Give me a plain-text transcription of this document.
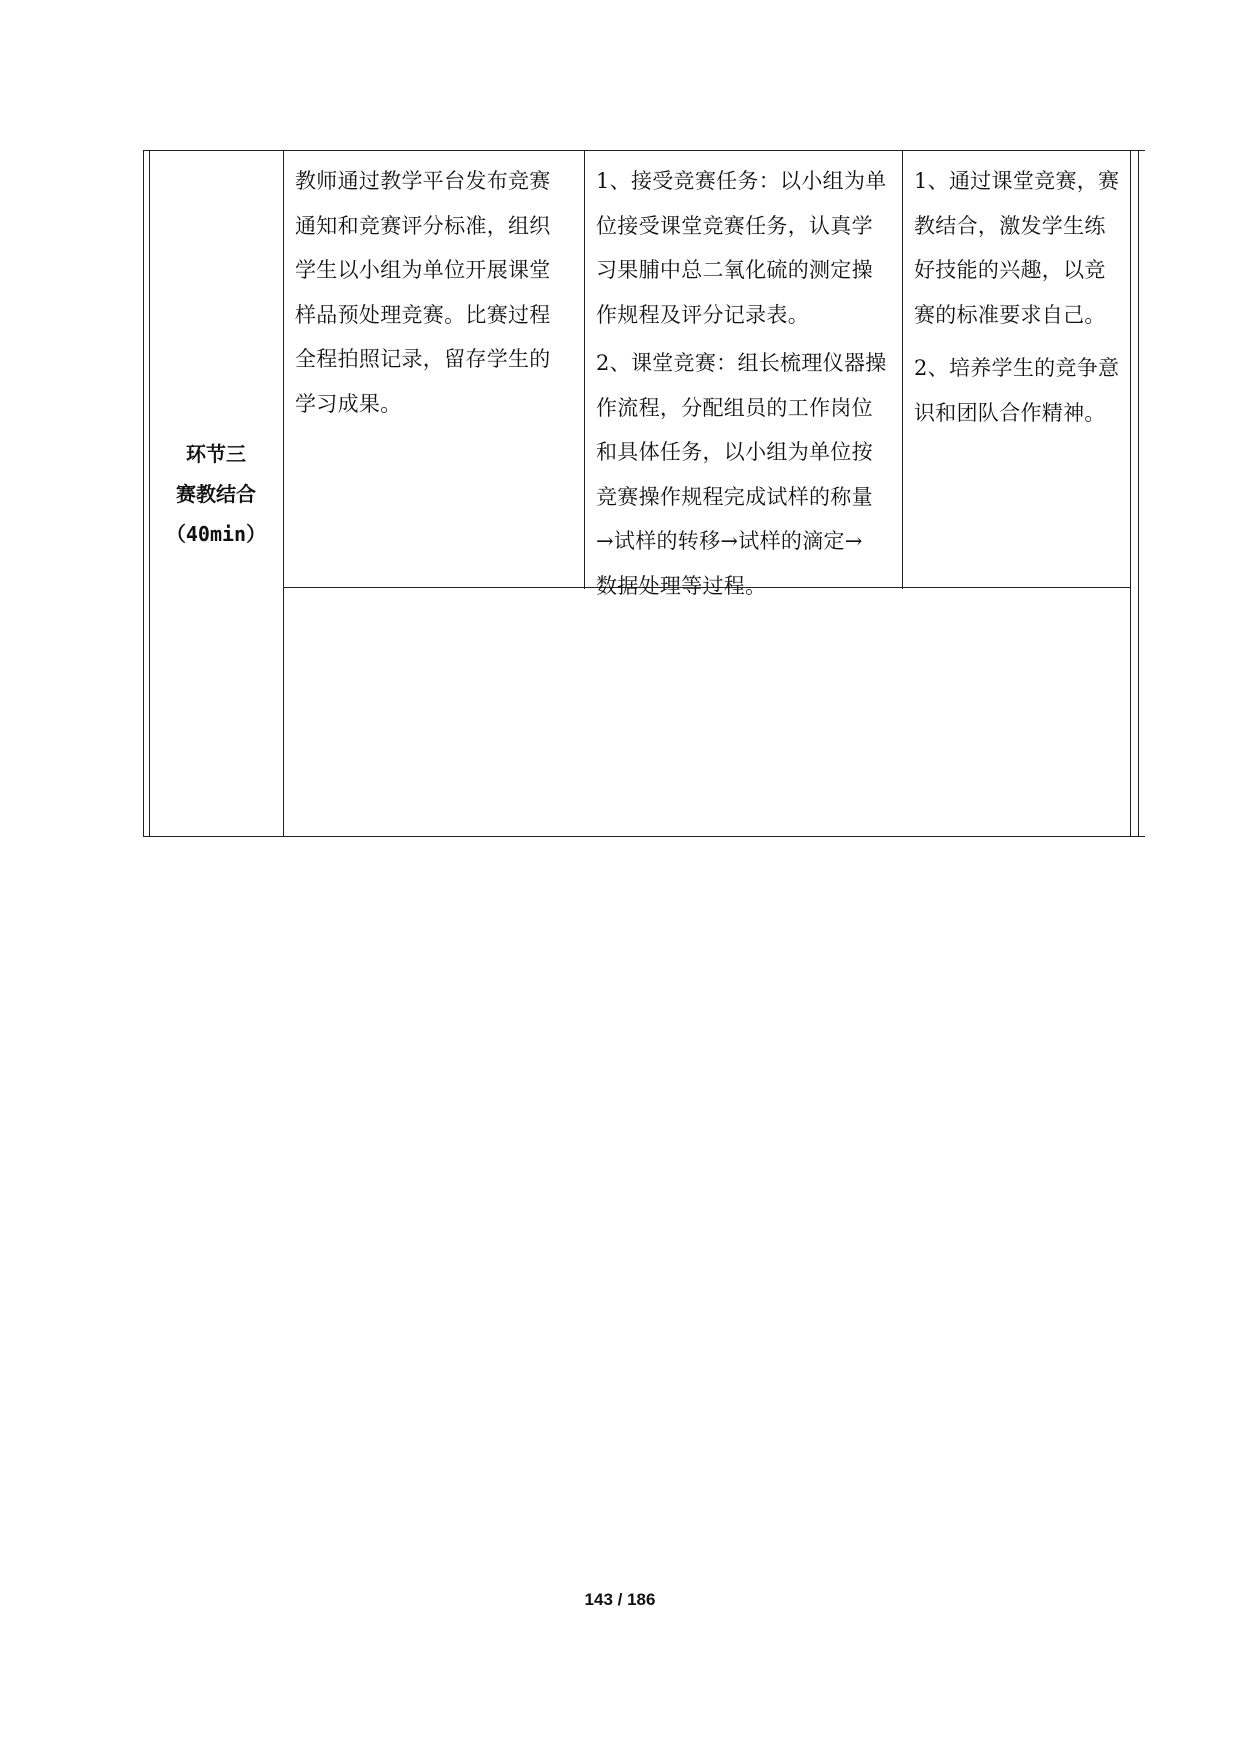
环节三
赛教结合
（40min）

教师通过教学平台发布竞赛

通知和竞赛评分标准，组织

学生以小组为单位开展课堂

样品预处理竞赛。比赛过程

全程拍照记录，留存学生的

学习成果。

1、接受竞赛任务：以小组为单

位接受课堂竞赛任务，认真学

习果脯中总二氧化硫的测定操

作规程及评分记录表。

2、课堂竞赛：组长梳理仪器操

作流程，分配组员的工作岗位

和具体任务，以小组为单位按

竞赛操作规程完成试样的称量

→试样的转移→试样的滴定→

数据处理等过程。

1、通过课堂竞赛，赛

教结合，激发学生练

好技能的兴趣，以竞

赛的标准要求自己。

2、培养学生的竞争意

识和团队合作精神。

143 / 186
